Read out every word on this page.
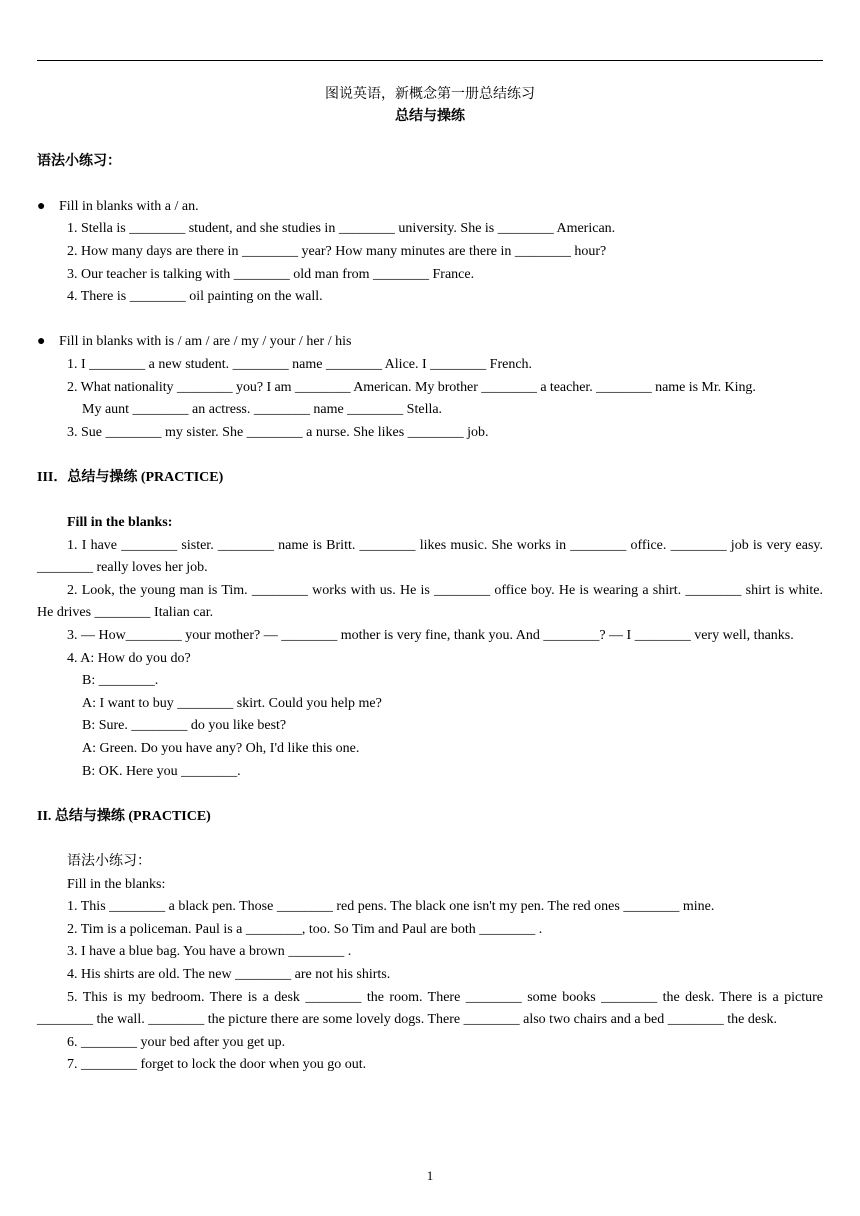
图说英语，新概念第一册总结练习
总结与操练
语法小练习：
● Fill in blanks with a / an.
1. Stella is ________ student, and she studies in ________ university. She is ________ American.
2. How many days are there in ________ year? How many minutes are there in ________ hour?
3. Our teacher is talking with ________ old man from ________ France.
4. There is ________ oil painting on the wall.
● Fill in blanks with is / am / are / my / your / her / his
1. I ________ a new student. ________ name ________ Alice. I ________ French.
2. What nationality ________ you? I am ________ American. My brother ________ a teacher. ________ name is Mr. King.
My aunt ________ an actress. ________ name ________ Stella.
3. Sue ________ my sister. She ________ a nurse. She likes ________ job.
III．总结与操练 (PRACTICE)
Fill in the blanks:
1. I have ________ sister. ________ name is Britt. ________ likes music. She works in ________ office. ________ job is very easy. ________ really loves her job.
2. Look, the young man is Tim. ________ works with us. He is ________ office boy. He is wearing a shirt. ________ shirt is white. He drives ________ Italian car.
3. — How________ your mother? — ________ mother is very fine, thank you. And ________? — I ________ very well, thanks.
4. A: How do you do?
B: ________.
A: I want to buy ________ skirt. Could you help me?
B: Sure. ________ do you like best?
A: Green. Do you have any? Oh, I'd like this one.
B: OK. Here you ________.
II. 总结与操练 (PRACTICE)
语法小练习：
Fill in the blanks:
1. This ________ a black pen. Those ________ red pens. The black one isn't my pen. The red ones ________ mine.
2. Tim is a policeman. Paul is a ________, too. So Tim and Paul are both ________ .
3. I have a blue bag. You have a brown ________ .
4. His shirts are old. The new ________ are not his shirts.
5. This is my bedroom. There is a desk ________ the room. There ________ some books ________ the desk. There is a picture ________ the wall. ________ the picture there are some lovely dogs. There ________ also two chairs and a bed ________ the desk.
6. ________ your bed after you get up.
7. ________ forget to lock the door when you go out.
1
